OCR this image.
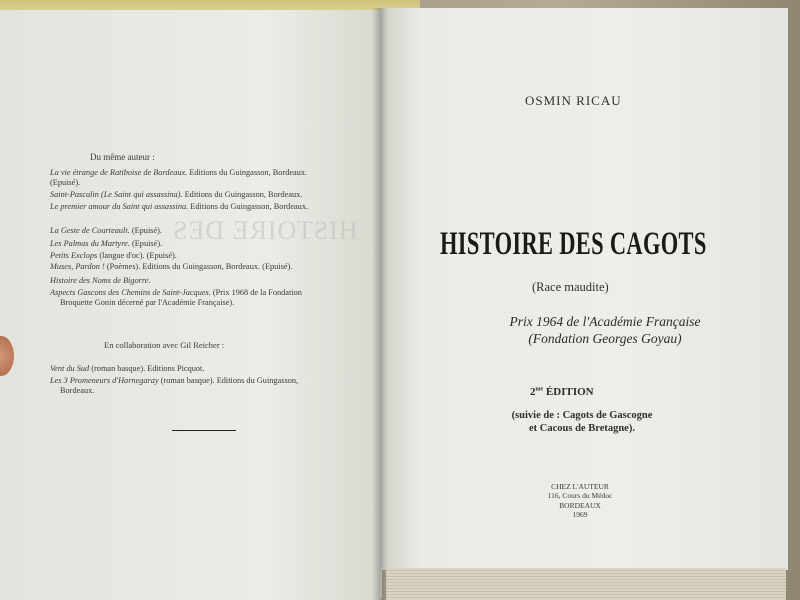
HISTOIRE DES
Du même auteur :
La vie étrange de Ratiboise de Bordeaux. Editions du Guingasson, Bordeaux.
(Epuisé).
Saint-Pascalin (Le Saint qui assassina). Editions du Guingasson, Bordeaux.
Le premier amour du Saint qui assassina. Editions du Guingasson, Bordeaux.
La Geste de Courteault. (Epuisé).
Les Palmas du Martyre. (Epuisé).
Petits Exclops (langue d'oc). (Epuisé).
Muses, Pardon ! (Poèmes). Editions du Guingasson, Bordeaux. (Epuisé).
Histoire des Noms de Bigorre.
Aspects Gascons des Chemins de Saint-Jacques. (Prix 1968 de la Fondation
Broquette Gonin décerné par l'Académie Française).
En collaboration avec Gil Reicher :
Vent du Sud (roman basque). Editions Picquot.
Les 3 Promeneurs d'Harnegaray (roman basque). Editions du Guingasson,
Bordeaux.
OSMIN RICAU
HISTOIRE DES CAGOTS
(Race maudite)
Prix 1964 de l'Académie Française
(Fondation Georges Goyau)
$2^{me}$ ÉDITION
(suivie de : Cagots de Gascogne
et Cacous de Bretagne).
CHEZ L'AUTEUR
116, Cours du Médoc
BORDEAUX
1969
